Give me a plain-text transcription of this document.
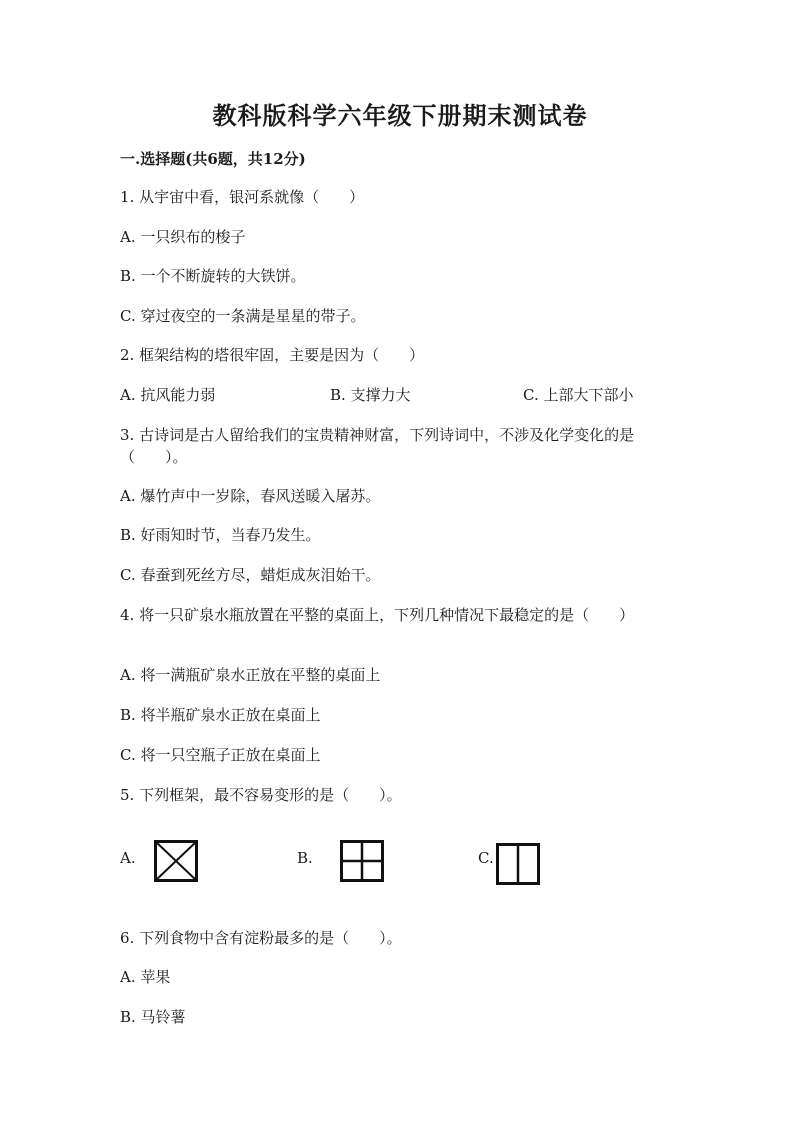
教科版科学六年级下册期末测试卷
一.选择题(共6题，共12分)
1. 从宇宙中看，银河系就像（　　）
A. 一只织布的梭子
B. 一个不断旋转的大铁饼。
C. 穿过夜空的一条满是星星的带子。
2. 框架结构的塔很牢固，主要是因为（　　）
A. 抗风能力弱	B. 支撑力大	C. 上部大下部小
3. 古诗词是古人留给我们的宝贵精神财富，下列诗词中，不涉及化学变化的是
（　　）。
A. 爆竹声中一岁除，春风送暖入屠苏。
B. 好雨知时节，当春乃发生。
C. 春蚕到死丝方尽，蜡炬成灰泪始干。
4. 将一只矿泉水瓶放置在平整的桌面上，下列几种情况下最稳定的是（　　）
A. 将一满瓶矿泉水正放在平整的桌面上
B. 将半瓶矿泉水正放在桌面上
C. 将一只空瓶子正放在桌面上
5. 下列框架，最不容易变形的是（　　）。
A.	B.	C.
6. 下列食物中含有淀粉最多的是（　　）。
A. 苹果
B. 马铃薯
